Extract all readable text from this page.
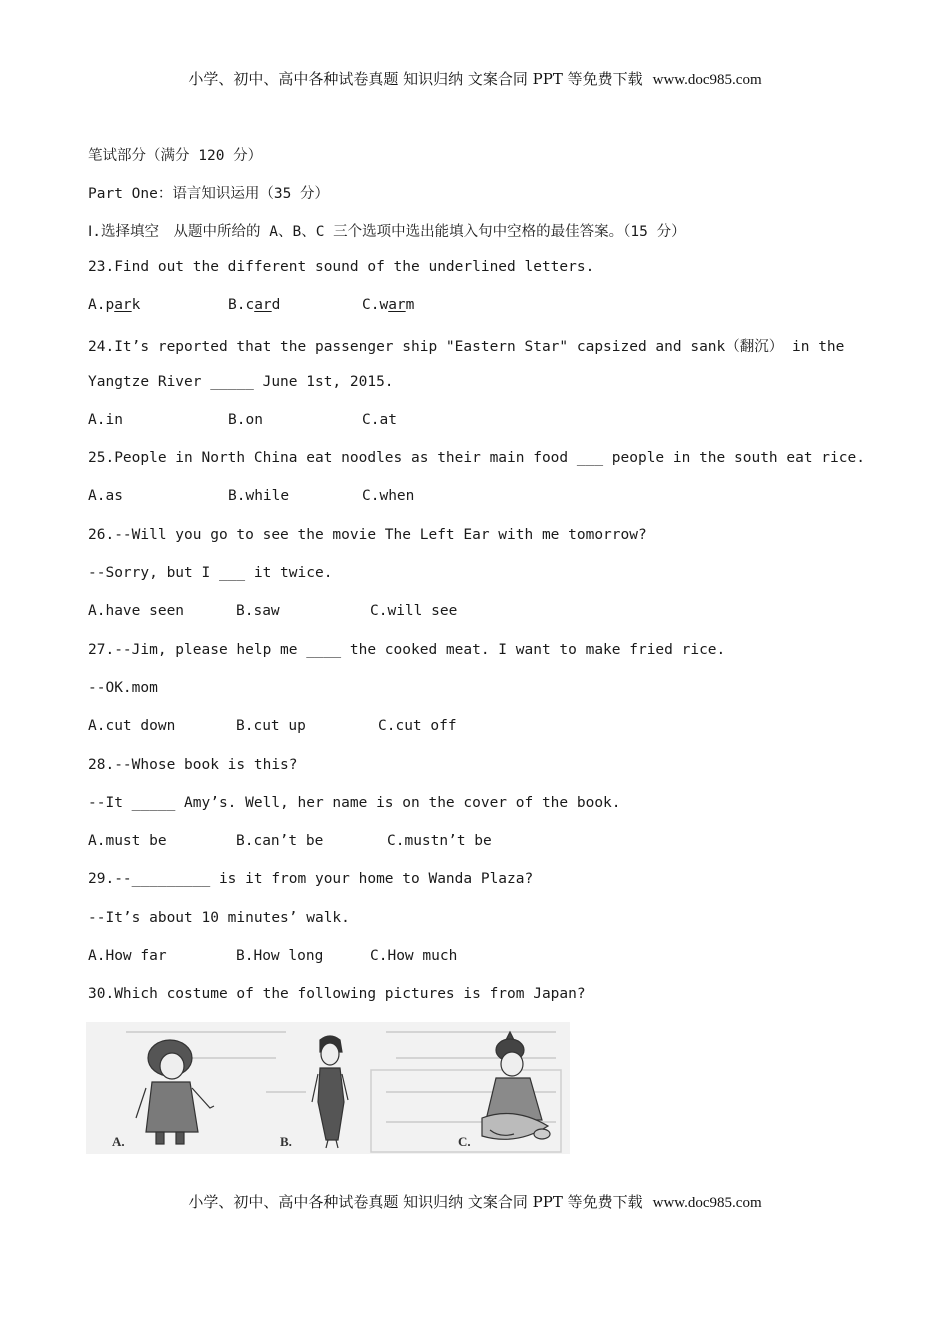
小学、初中、高中各种试卷真题 知识归纳 文案合同 PPT 等免费下载 www.doc985.com
笔试部分（满分 120 分）
Part One：语言知识运用（35 分）
Ⅰ.选择填空　从题中所给的 A、B、C 三个选项中选出能填入句中空格的最佳答案。（15 分）
23.Find out the different sound of the underlined letters.
A.park	B.card	C.warm
24.It’s reported that the passenger ship "Eastern Star" capsized and sank（翻沉） in the
Yangtze River _____ June 1st, 2015.
A.in	B.on	C.at
25.People in North China eat noodles as their main food ___ people in the south eat rice.
A.as	B.while	C.when
26.--Will you go to see the movie The Left Ear with me tomorrow?
--Sorry, but I ___ it twice.
A.have seen	B.saw	C.will see
27.--Jim, please help me ____ the cooked meat. I want to make fried rice.
--OK.mom
A.cut down	B.cut up	C.cut off
28.--Whose book is this?
--It _____ Amy’s. Well, her name is on the cover of the book.
A.must be	B.can’t be	C.mustn’t be
29.--_________ is it from your home to Wanda Plaza?
--It’s about 10 minutes’ walk.
A.How far	B.How long	C.How much
30.Which costume of the following pictures is from Japan?
A.	B.	C.
小学、初中、高中各种试卷真题 知识归纳 文案合同 PPT 等免费下载 www.doc985.com
